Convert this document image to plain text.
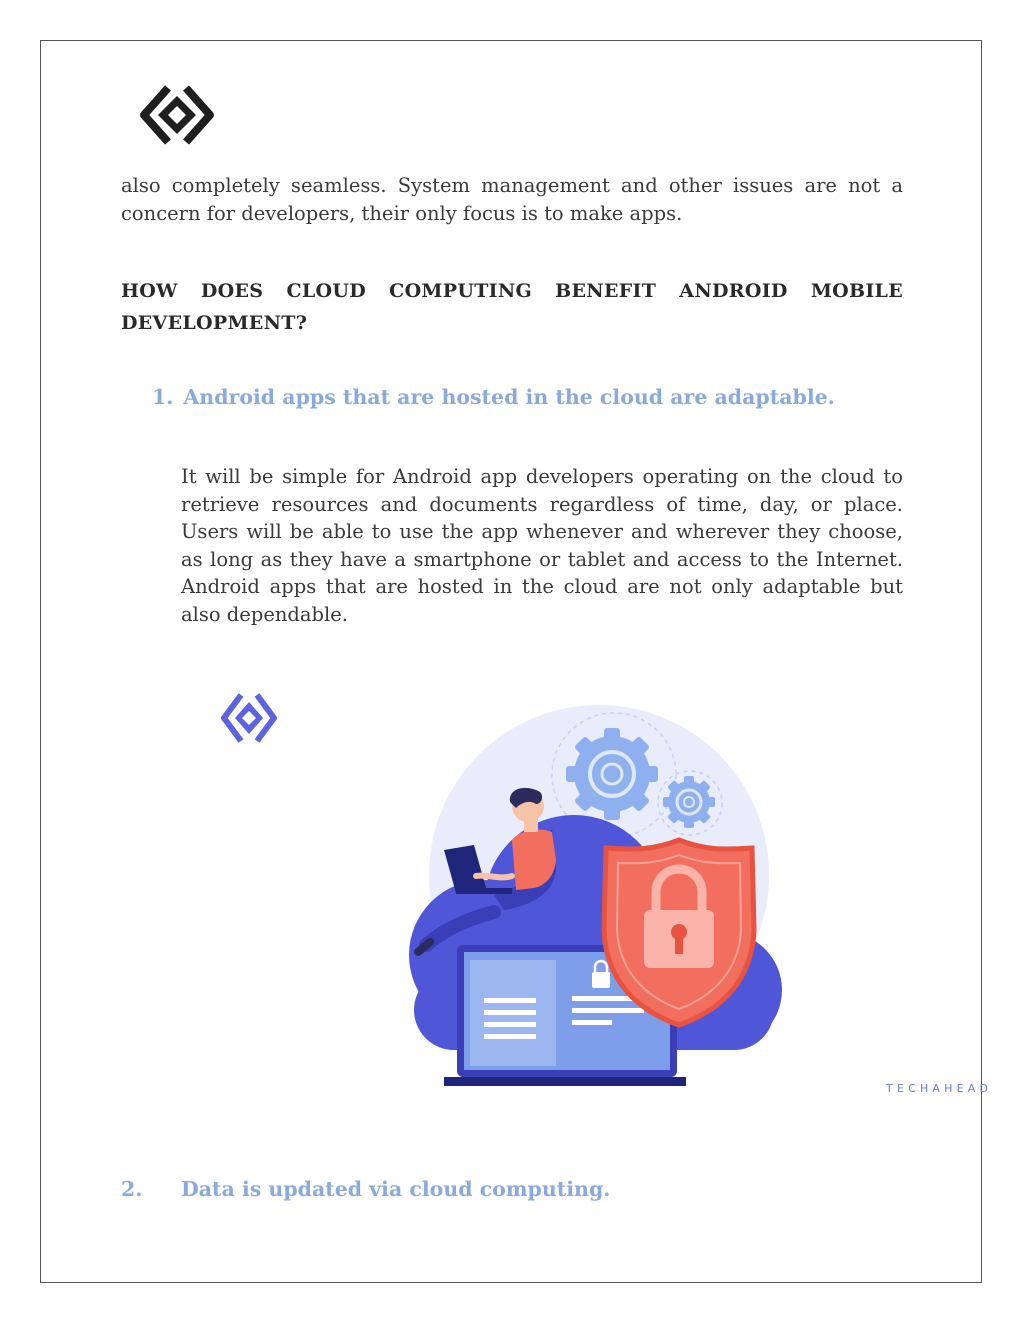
also completely seamless. System management and other issues are not a concern for developers, their only focus is to make apps.
HOW DOES CLOUD COMPUTING BENEFIT ANDROID MOBILE
DEVELOPMENT?
1. Android apps that are hosted in the cloud are adaptable.
It will be simple for Android app developers operating on the cloud to retrieve resources and documents regardless of time, day, or place. Users will be able to use the app whenever and wherever they choose, as long as they have a smartphone or tablet and access to the Internet. Android apps that are hosted in the cloud are not only adaptable but also dependable.
TECHAHEAD
2. Data is updated via cloud computing.
